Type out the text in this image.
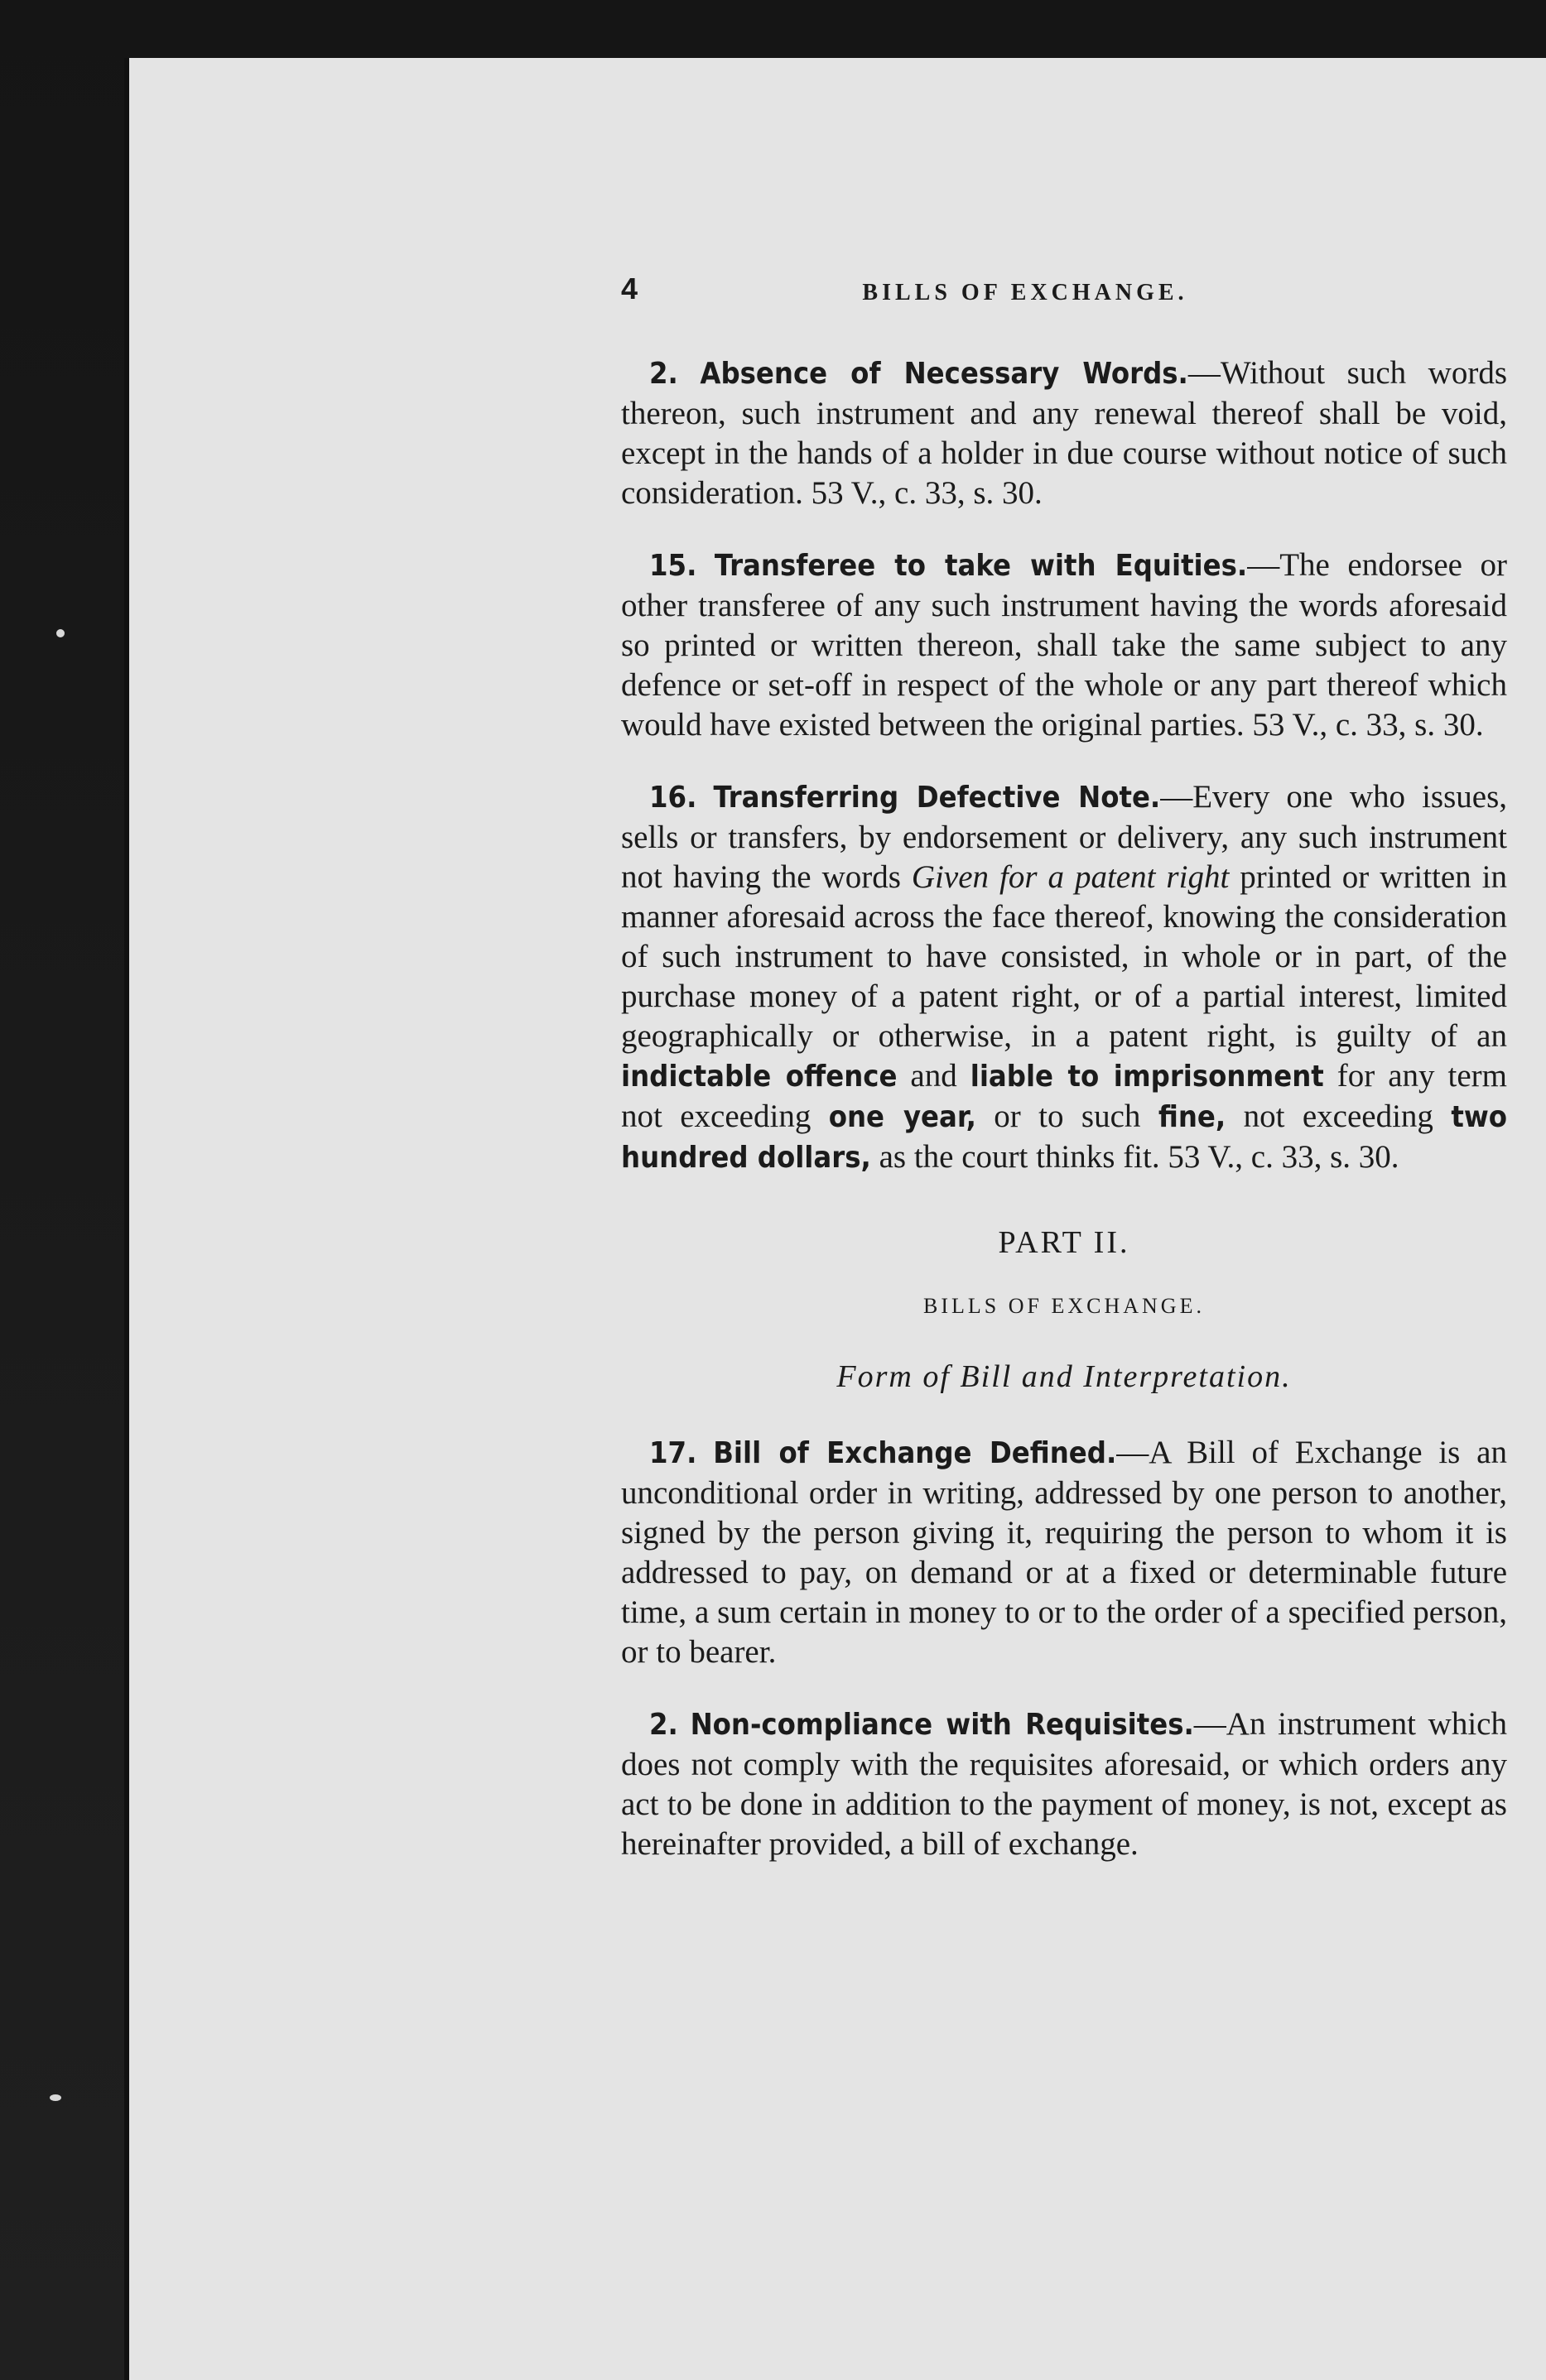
4	BILLS OF EXCHANGE.

2. Absence of Necessary Words.—Without such words thereon, such instrument and any renewal thereof shall be void, except in the hands of a holder in due course without notice of such consideration. 53 V., c. 33, s. 30.

15. Transferee to take with Equities.—The endorsee or other transferee of any such instrument having the words aforesaid so printed or written thereon, shall take the same subject to any defence or set-off in respect of the whole or any part thereof which would have existed between the original parties. 53 V., c. 33, s. 30.

16. Transferring Defective Note.—Every one who issues, sells or transfers, by endorsement or delivery, any such instrument not having the words Given for a patent right printed or written in manner aforesaid across the face thereof, knowing the consideration of such instrument to have consisted, in whole or in part, of the purchase money of a patent right, or of a partial interest, limited geographically or otherwise, in a patent right, is guilty of an indictable offence and liable to imprisonment for any term not exceeding one year, or to such fine, not exceeding two hundred dollars, as the court thinks fit. 53 V., c. 33, s. 30.

PART II.
BILLS OF EXCHANGE.
Form of Bill and Interpretation.

17. Bill of Exchange Defined.—A Bill of Exchange is an unconditional order in writing, addressed by one person to another, signed by the person giving it, requiring the person to whom it is addressed to pay, on demand or at a fixed or determinable future time, a sum certain in money to or to the order of a specified person, or to bearer.

2. Non-compliance with Requisites.—An instrument which does not comply with the requisites aforesaid, or which orders any act to be done in addition to the payment of money, is not, except as hereinafter provided, a bill of exchange.
